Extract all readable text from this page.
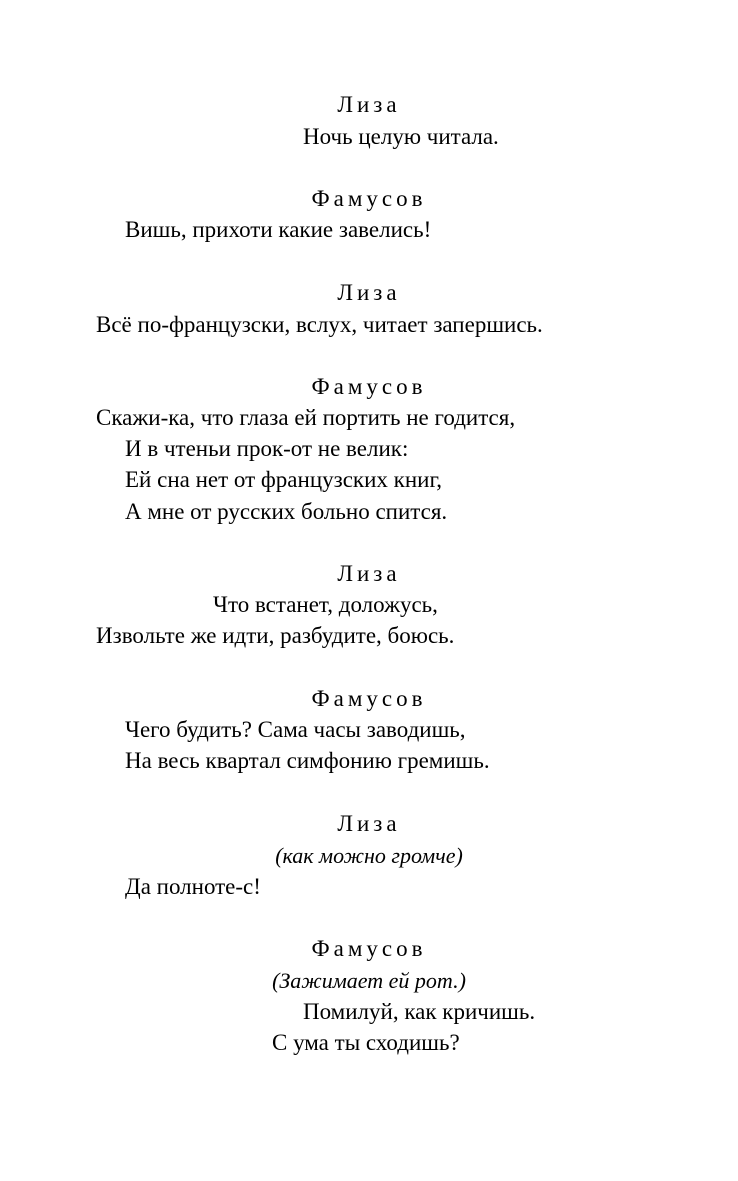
Лиза
Ночь целую читала.
Фамусов
Вишь, прихоти какие завелись!
Лиза
Всё по-французски, вслух, читает запершись.
Фамусов
Скажи-ка, что глаза ей портить не годится,
И в чтеньи прок-от не велик:
Ей сна нет от французских книг,
А мне от русских больно спится.
Лиза
Что встанет, доложусь,
Извольте же идти, разбудите, боюсь.
Фамусов
Чего будить? Сама часы заводишь,
На весь квартал симфонию гремишь.
Лиза
(как можно громче)
Да полноте-с!
Фамусов
(Зажимает ей рот.)
Помилуй, как кричишь.
С ума ты сходишь?
